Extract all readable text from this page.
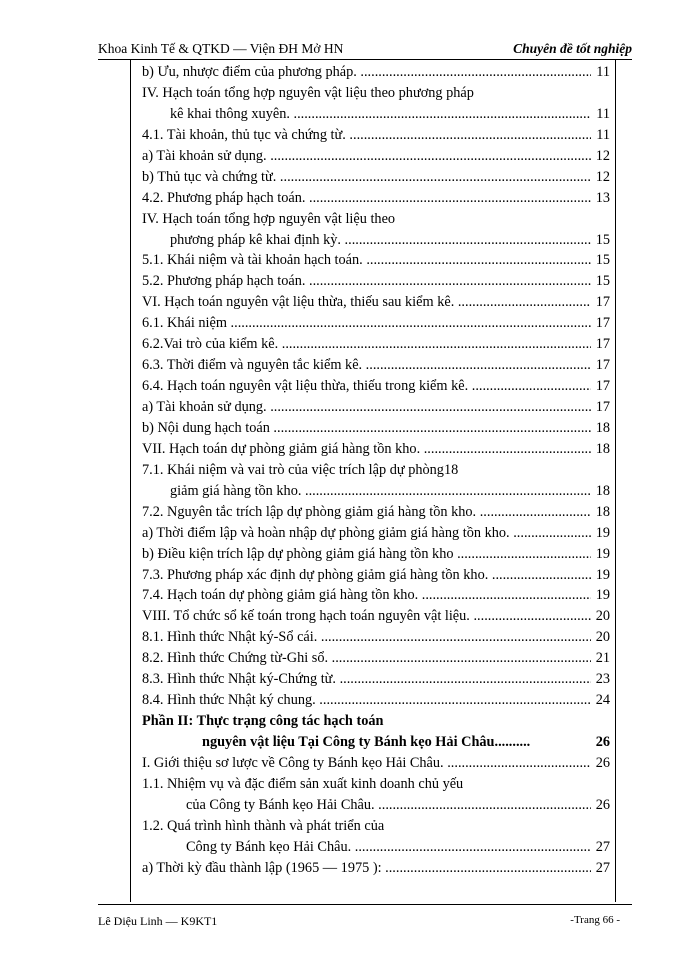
Khoa Kinh Tế & QTKD — Viện ĐH Mở HN	Chuyên đề tốt nghiệp
b) Ưu, nhược điểm của phương pháp. .....	11
IV. Hạch toán tổng hợp nguyên vật liệu theo phương pháp
kê khai thông xuyên. .....	11
4.1. Tài khoản, thủ tục và chứng từ. .....	11
a) Tài khoản sử dụng. .....	12
b) Thủ tục và chứng từ. .....	12
4.2. Phương pháp hạch toán. .....	13
IV. Hạch toán tổng hợp nguyên vật liệu theo
phương pháp kê khai định kỳ. .....	15
5.1. Khái niệm và tài khoản hạch toán. .....	15
5.2. Phương pháp hạch toán. .....	15
VI. Hạch toán nguyên vật liệu thừa, thiếu sau kiểm kê. .....	17
6.1. Khái niệm .....	17
6.2.Vai trò của kiểm kê. .....	17
6.3. Thời điểm và nguyên tắc kiểm kê. .....	17
6.4. Hạch toán nguyên vật liệu thừa, thiếu trong kiểm kê. .....	17
a) Tài khoản sử dụng. .....	17
b) Nội dung hạch toán .....	18
VII. Hạch toán dự phòng giảm giá hàng tồn kho. .....	18
7.1. Khái niệm và vai trò của việc trích lập dự phòng18
giảm giá hàng tồn kho. .....	18
7.2. Nguyên tắc trích lập dự phòng giảm giá hàng tồn kho. .....	18
a) Thời điểm lập và hoàn nhập dự phòng giảm giá hàng tồn kho. .....	19
b) Điều kiện trích lập dự phòng giảm giá hàng tồn kho .....	19
7.3. Phương pháp xác định dự phòng giảm giá hàng tồn kho. .....	19
7.4. Hạch toán dự phòng giảm giá hàng tồn kho. .....	19
VIII. Tổ chức sổ kế toán trong hạch toán nguyên vật liệu. .....	20
8.1. Hình thức Nhật ký-Sổ cái. .....	20
8.2. Hình thức Chứng từ-Ghi sổ. .....	21
8.3. Hình thức Nhật ký-Chứng từ. .....	23
8.4. Hình thức Nhật ký chung. .....	24
Phần II: Thực trạng công tác hạch toán
nguyên vật liệu Tại Công ty Bánh kẹo Hải Châu..........	26
I. Giới thiệu sơ lược về Công ty Bánh kẹo Hải Châu. .....	26
1.1. Nhiệm vụ và đặc điểm sản xuất kinh doanh chủ yếu
của Công ty Bánh kẹo Hải Châu. .....	26
1.2. Quá trình hình thành và phát triển của
Công ty Bánh kẹo Hải Châu. .....	27
a) Thời kỳ đầu thành lập (1965 — 1975 ): .....	27
Lê Diệu Linh — K9KT1	-Trang 66 -
